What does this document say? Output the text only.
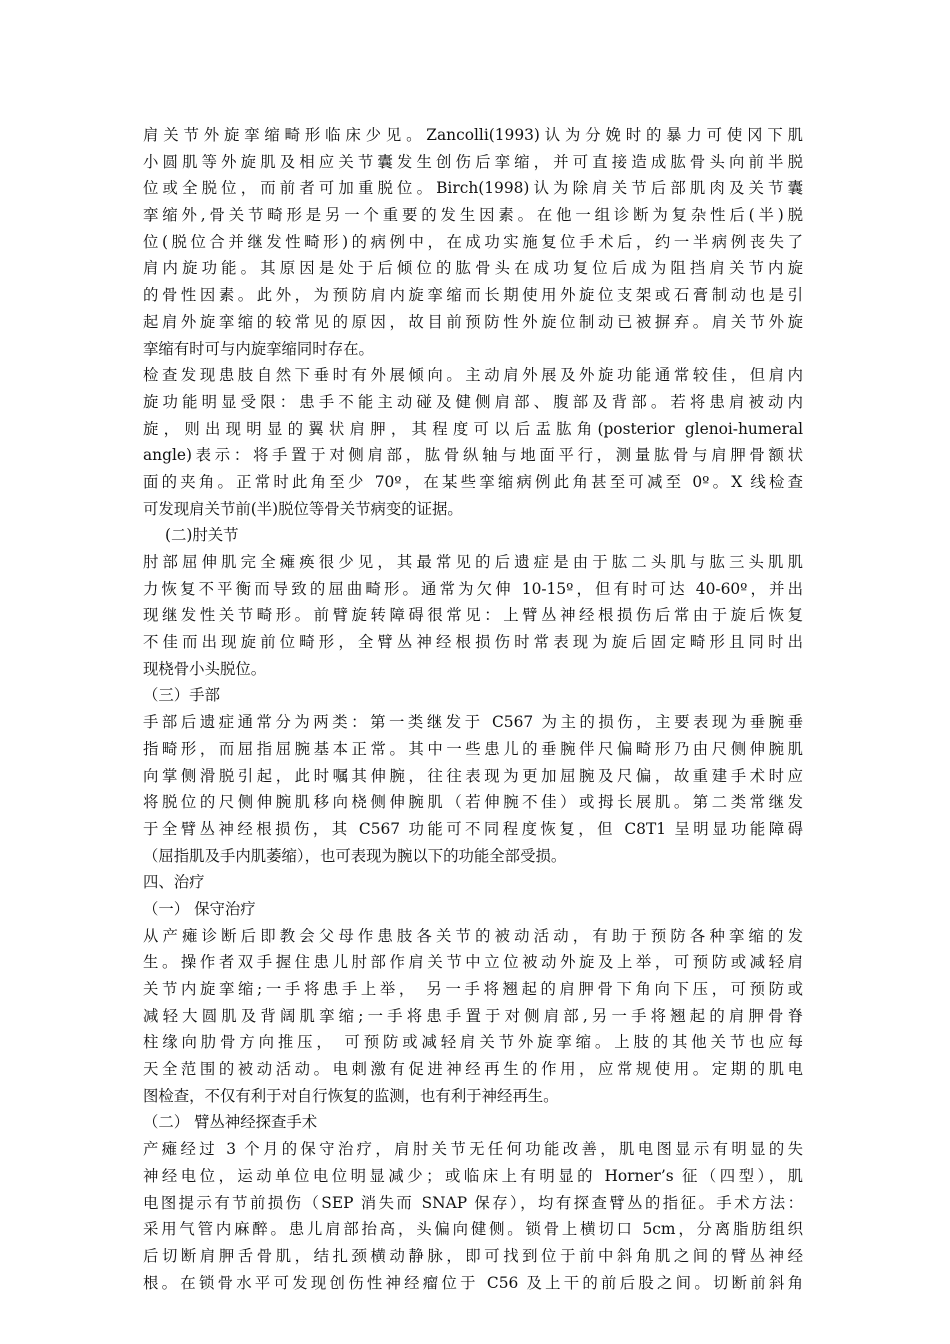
肩关节外旋挛缩畸形临床少见。Zancolli(1993)认为分娩时的暴力可使冈下肌
小圆肌等外旋肌及相应关节囊发生创伤后挛缩，并可直接造成肱骨头向前半脱
位或全脱位，而前者可加重脱位。Birch(1998)认为除肩关节后部肌肉及关节囊
挛缩外,骨关节畸形是另一个重要的发生因素。在他一组诊断为复杂性后(半)脱
位(脱位合并继发性畸形)的病例中，在成功实施复位手术后，约一半病例丧失了
肩内旋功能。其原因是处于后倾位的肱骨头在成功复位后成为阻挡肩关节内旋
的骨性因素。此外，为预防肩内旋挛缩而长期使用外旋位支架或石膏制动也是引
起肩外旋挛缩的较常见的原因，故目前预防性外旋位制动已被摒弃。肩关节外旋
挛缩有时可与内旋挛缩同时存在。
检查发现患肢自然下垂时有外展倾向。主动肩外展及外旋功能通常较佳，但肩内
旋功能明显受限：患手不能主动碰及健侧肩部、腹部及背部。若将患肩被动内
旋，则出现明显的翼状肩胛，其程度可以后盂肱角(posterior glenoi-humeral
angle)表示：将手置于对侧肩部，肱骨纵轴与地面平行，测量肱骨与肩胛骨额状
面的夹角。正常时此角至少 70º，在某些挛缩病例此角甚至可减至 0º。X 线检查
可发现肩关节前(半)脱位等骨关节病变的证据。
(二)肘关节
肘部屈伸肌完全瘫痪很少见，其最常见的后遗症是由于肱二头肌与肱三头肌肌
力恢复不平衡而导致的屈曲畸形。通常为欠伸 10-15º，但有时可达 40-60º，并出
现继发性关节畸形。前臂旋转障碍很常见：上臂丛神经根损伤后常由于旋后恢复
不佳而出现旋前位畸形，全臂丛神经根损伤时常表现为旋后固定畸形且同时出
现桡骨小头脱位。
（三）手部
手部后遗症通常分为两类：第一类继发于 C567 为主的损伤，主要表现为垂腕垂
指畸形，而屈指屈腕基本正常。其中一些患儿的垂腕伴尺偏畸形乃由尺侧伸腕肌
向掌侧滑脱引起，此时嘱其伸腕，往往表现为更加屈腕及尺偏，故重建手术时应
将脱位的尺侧伸腕肌移向桡侧伸腕肌（若伸腕不佳）或拇长展肌。第二类常继发
于全臂丛神经根损伤，其 C567 功能可不同程度恢复，但 C8T1 呈明显功能障碍
（屈指肌及手内肌萎缩），也可表现为腕以下的功能全部受损。
四、治疗
（一） 保守治疗
从产瘫诊断后即教会父母作患肢各关节的被动活动，有助于预防各种挛缩的发
生。操作者双手握住患儿肘部作肩关节中立位被动外旋及上举，可预防或减轻肩
关节内旋挛缩;一手将患手上举， 另一手将翘起的肩胛骨下角向下压，可预防或
减轻大圆肌及背阔肌挛缩;一手将患手置于对侧肩部,另一手将翘起的肩胛骨脊
柱缘向肋骨方向推压， 可预防或减轻肩关节外旋挛缩。上肢的其他关节也应每
天全范围的被动活动。电刺激有促进神经再生的作用，应常规使用。定期的肌电
图检查，不仅有利于对自行恢复的监测，也有利于神经再生。
（二） 臂丛神经探查手术
产瘫经过 3 个月的保守治疗，肩肘关节无任何功能改善，肌电图显示有明显的失
神经电位，运动单位电位明显减少；或临床上有明显的 Horner’s 征（四型），肌
电图提示有节前损伤（SEP 消失而 SNAP 保存），均有探查臂丛的指征。手术方法：
采用气管内麻醉。患儿肩部抬高，头偏向健侧。锁骨上横切口 5cm，分离脂肪组织
后切断肩胛舌骨肌，结扎颈横动静脉，即可找到位于前中斜角肌之间的臂丛神经
根。在锁骨水平可发现创伤性神经瘤位于 C56 及上干的前后股之间。切断前斜角
